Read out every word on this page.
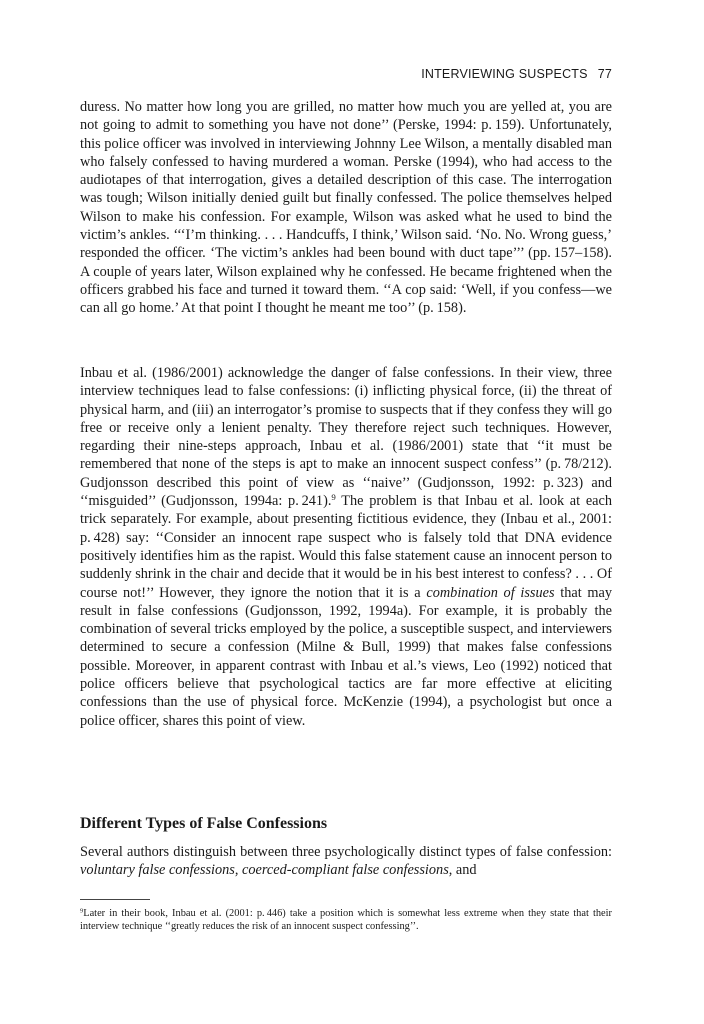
INTERVIEWING SUSPECTS 77

duress. No matter how long you are grilled, no matter how much you are yelled at, you are not going to admit to something you have not done’’ (Perske, 1994: p. 159). Unfortunately, this police officer was involved in interviewing Johnny Lee Wilson, a mentally disabled man who falsely confessed to having murdered a woman. Perske (1994), who had access to the audiotapes of that interrogation, gives a detailed description of this case. The interrogation was tough; Wilson initially denied guilt but finally confessed. The police themselves helped Wilson to make his confession. For example, Wilson was asked what he used to bind the victim’s ankles. ‘‘‘I’m thinking. . . . Handcuffs, I think,’ Wilson said. ‘No. No. Wrong guess,’ responded the officer. ‘The victim’s ankles had been bound with duct tape’’’ (pp. 157–158). A couple of years later, Wilson explained why he confessed. He became frightened when the officers grabbed his face and turned it toward them. ‘‘A cop said: ‘Well, if you confess—we can all go home.’ At that point I thought he meant me too’’ (p. 158).

Inbau et al. (1986/2001) acknowledge the danger of false confessions. In their view, three interview techniques lead to false confessions: (i) inflicting physical force, (ii) the threat of physical harm, and (iii) an interrogator’s promise to suspects that if they confess they will go free or receive only a lenient penalty. They therefore reject such techniques. However, regarding their nine-steps approach, Inbau et al. (1986/2001) state that ‘‘it must be remembered that none of the steps is apt to make an innocent suspect confess’’ (p. 78/212). Gudjonsson described this point of view as ‘‘naive’’ (Gudjonsson, 1992: p. 323) and ‘‘misguided’’ (Gudjonsson, 1994a: p. 241).$^9$ The problem is that Inbau et al. look at each trick separately. For example, about presenting fictitious evidence, they (Inbau et al., 2001: p. 428) say: ‘‘Consider an innocent rape suspect who is falsely told that DNA evidence positively identifies him as the rapist. Would this false statement cause an innocent person to suddenly shrink in the chair and decide that it would be in his best interest to confess? . . . Of course not!’’ However, they ignore the notion that it is a combination of issues that may result in false confessions (Gudjonsson, 1992, 1994a). For example, it is probably the combination of several tricks employed by the police, a susceptible suspect, and interviewers determined to secure a confession (Milne & Bull, 1999) that makes false confessions possible. Moreover, in apparent contrast with Inbau et al.’s views, Leo (1992) noticed that police officers believe that psychological tactics are far more effective at eliciting confessions than the use of physical force. McKenzie (1994), a psychologist but once a police officer, shares this point of view.

Different Types of False Confessions

Several authors distinguish between three psychologically distinct types of false confession: voluntary false confessions, coerced-compliant false confessions, and

$^9$Later in their book, Inbau et al. (2001: p. 446) take a position which is somewhat less extreme when they state that their interview technique ‘‘greatly reduces the risk of an innocent suspect confessing’’.
